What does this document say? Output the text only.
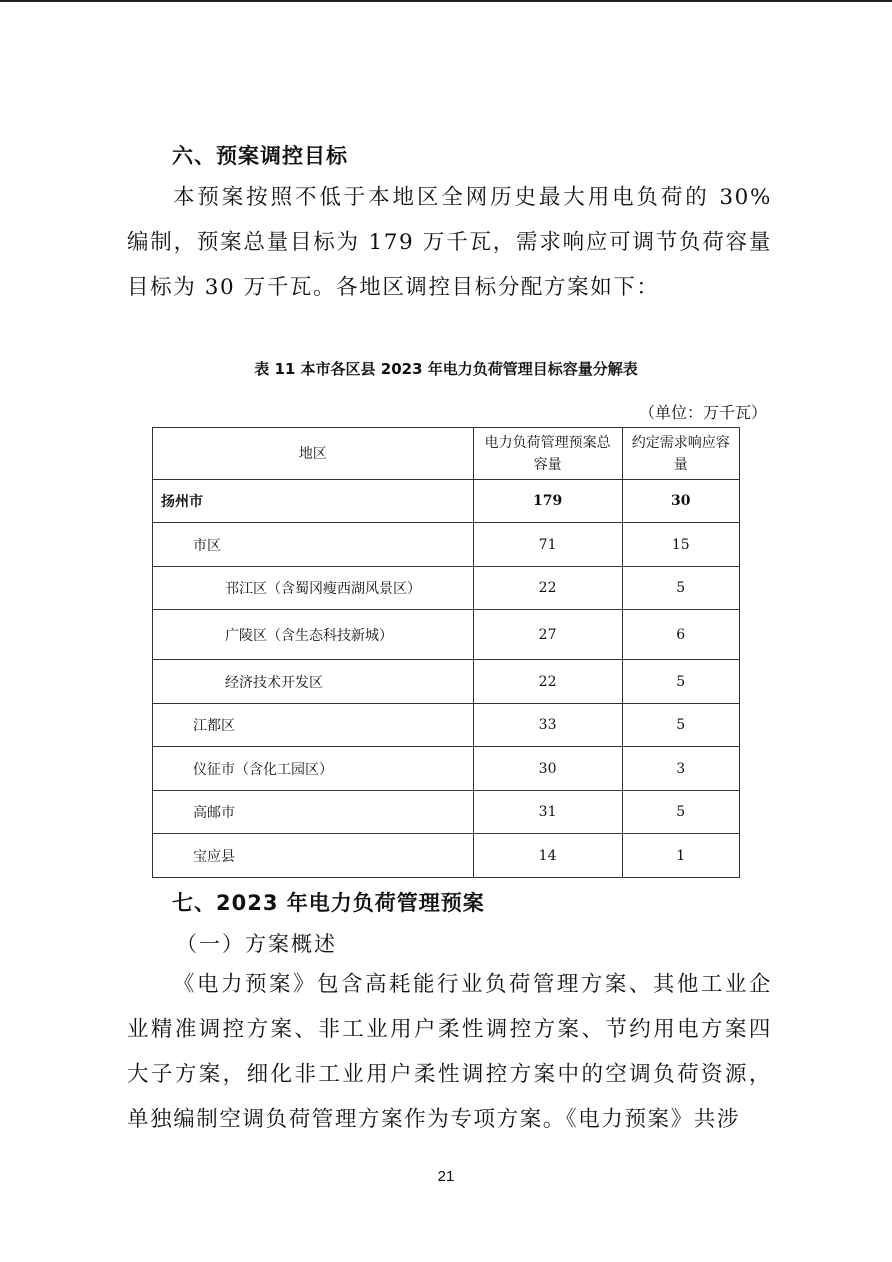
六、预案调控目标

本预案按照不低于本地区全网历史最大用电负荷的 30% 编制，预案总量目标为 179 万千瓦，需求响应可调节负荷容量目标为 30 万千瓦。各地区调控目标分配方案如下：

表 11 本市各区县 2023 年电力负荷管理目标容量分解表
（单位：万千瓦）
地区	电力负荷管理预案总容量	约定需求响应容量
扬州市	179	30
市区	71	15
邗江区（含蜀冈瘦西湖风景区）	22	5
广陵区（含生态科技新城）	27	6
经济技术开发区	22	5
江都区	33	5
仪征市（含化工园区）	30	3
高邮市	31	5
宝应县	14	1
七、2023 年电力负荷管理预案
（一）方案概述

《电力预案》包含高耗能行业负荷管理方案、其他工业企业精准调控方案、非工业用户柔性调控方案、节约用电方案四大子方案，细化非工业用户柔性调控方案中的空调负荷资源，单独编制空调负荷管理方案作为专项方案。《电力预案》共涉

21
